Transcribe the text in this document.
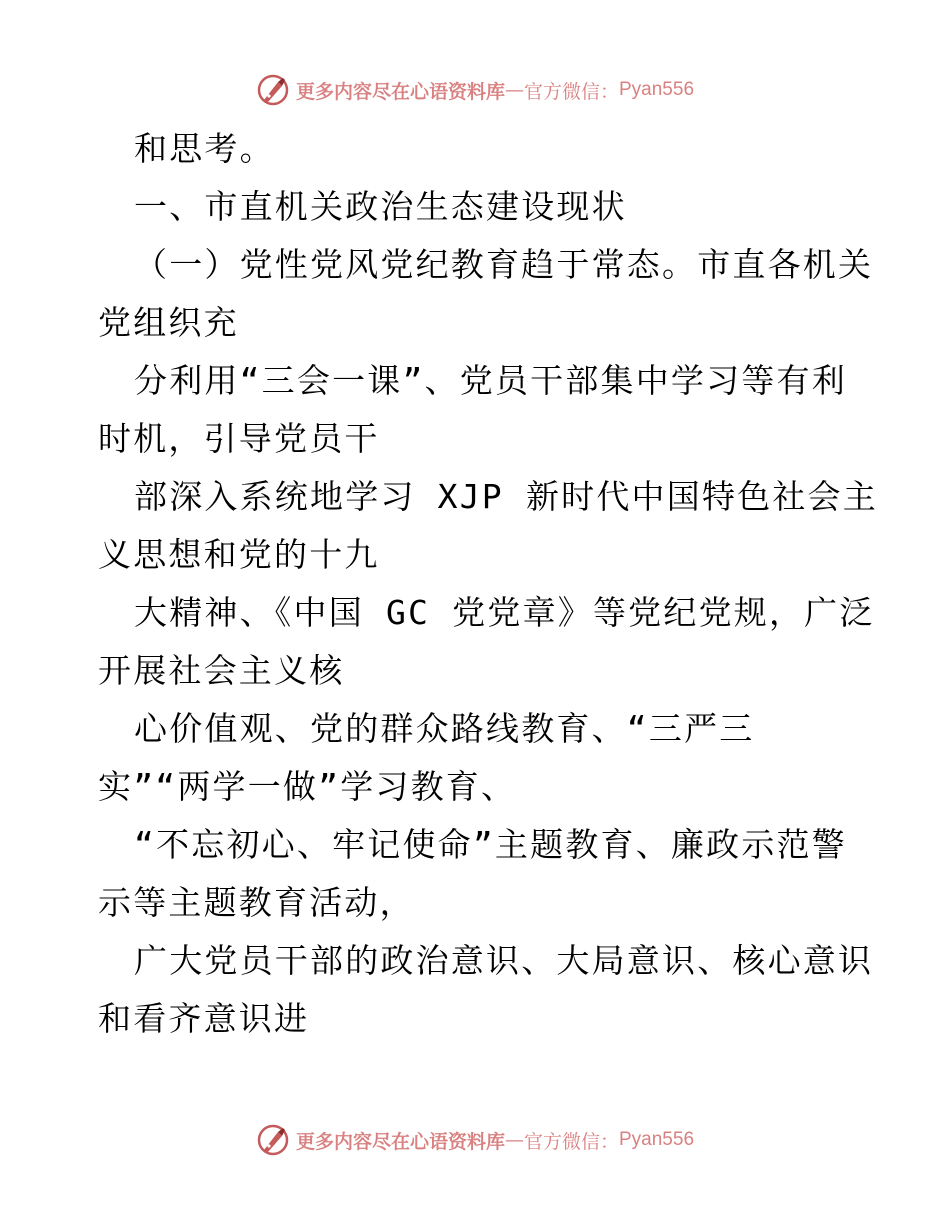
更多内容尽在心语资料库 — 官方微信： Pyan556
和思考。
一、市直机关政治生态建设现状
（一）党性党风党纪教育趋于常态。市直各机关
党组织充
分利用“三会一课”、党员干部集中学习等有利
时机，引导党员干
部深入系统地学习 XJP 新时代中国特色社会主
义思想和党的十九
大精神、《中国 GC 党党章》等党纪党规，广泛
开展社会主义核
心价值观、党的群众路线教育、“三严三
实”“两学一做”学习教育、
“不忘初心、牢记使命”主题教育、廉政示范警
示等主题教育活动，
广大党员干部的政治意识、大局意识、核心意识
和看齐意识进
更多内容尽在心语资料库 — 官方微信： Pyan556
